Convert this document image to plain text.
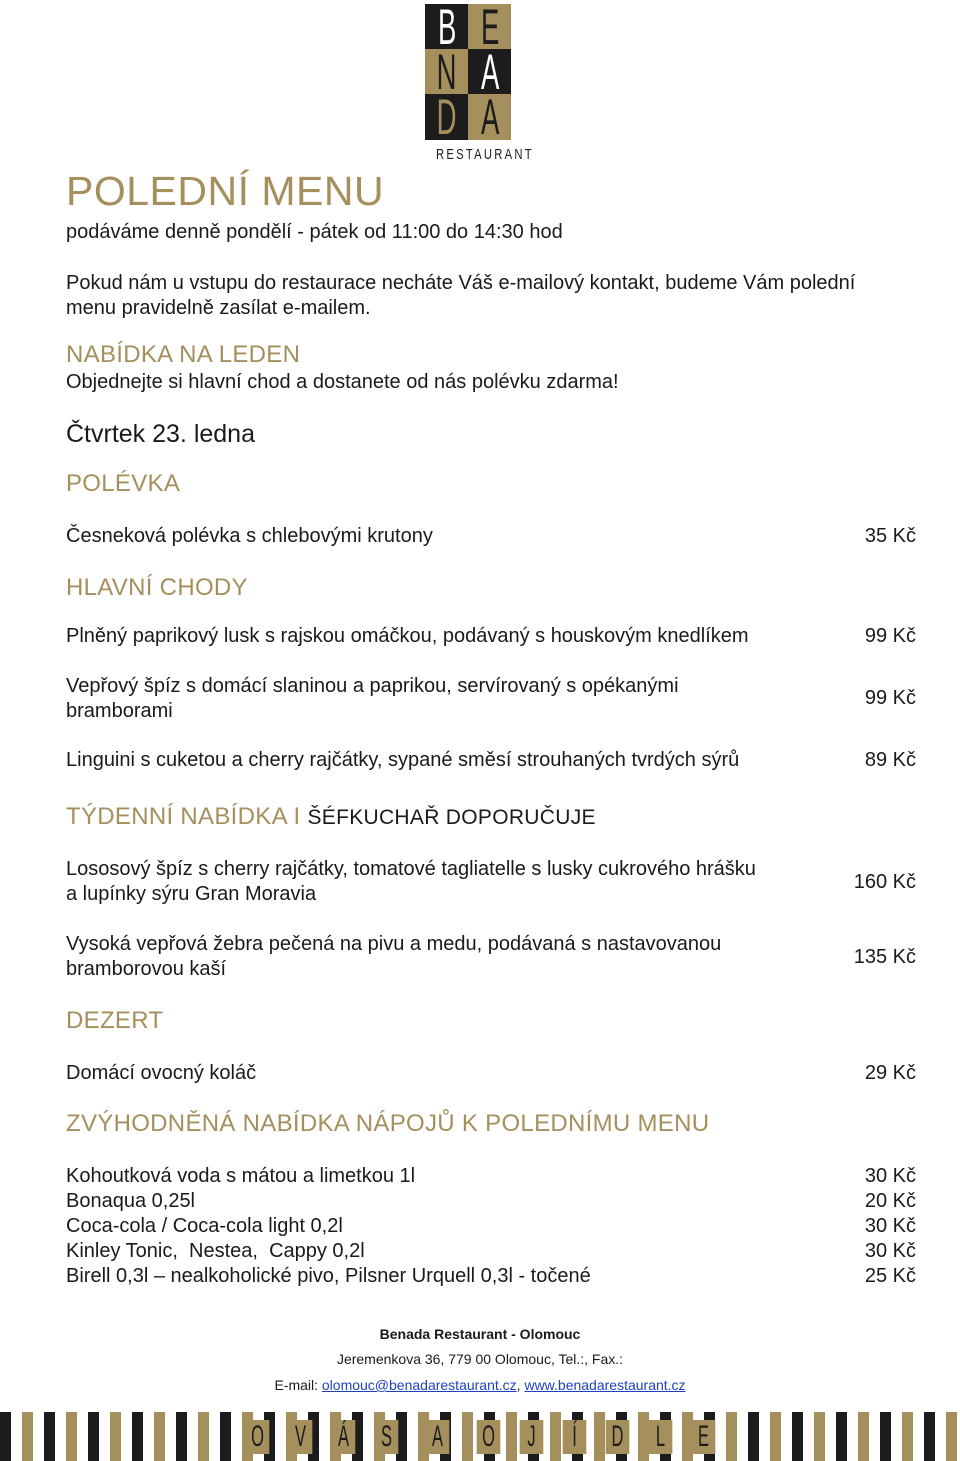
B E
N A
D A
RESTAURANT
POLEDNÍ MENU
podáváme denně pondělí - pátek od 11:00 do 14:30 hod
Pokud nám u vstupu do restaurace necháte Váš e-mailový kontakt, budeme Vám polední
menu pravidelně zasílat e-mailem.
NABÍDKA NA LEDEN
Objednejte si hlavní chod a dostanete od nás polévku zdarma!
Čtvrtek 23. ledna
POLÉVKA
Česneková polévka s chlebovými krutony	35 Kč
HLAVNÍ CHODY
Plněný paprikový lusk s rajskou omáčkou, podávaný s houskovým knedlíkem	99 Kč
Vepřový špíz s domácí slaninou a paprikou, servírovaný s opékanými
bramborami
99 Kč
Linguini s cuketou a cherry rajčátky, sypané směsí strouhaných tvrdých sýrů	89 Kč
TÝDENNÍ NABÍDKA I ŠÉFKUCHAŘ DOPORUČUJE
Lososový špíz s cherry rajčátky, tomatové tagliatelle s lusky cukrového hrášku
a lupínky sýru Gran Moravia
160 Kč
Vysoká vepřová žebra pečená na pivu a medu, podávaná s nastavovanou
bramborovou kaší
135 Kč
DEZERT
Domácí ovocný koláč	29 Kč
ZVÝHODNĚNÁ NABÍDKA NÁPOJŮ K POLEDNÍMU MENU
Kohoutková voda s mátou a limetkou 1l	30 Kč
Bonaqua 0,25l	20 Kč
Coca-cola / Coca-cola light 0,2l	30 Kč
Kinley Tonic,  Nestea,  Cappy 0,2l	30 Kč
Birell 0,3l – nealkoholické pivo, Pilsner Urquell 0,3l - točené	25 Kč
Benada Restaurant - Olomouc
Jeremenkova 36, 779 00 Olomouc, Tel.:, Fax.:
E-mail: olomouc@benadarestaurant.cz, www.benadarestaurant.cz
O V Á S A O J	Í	D L E
